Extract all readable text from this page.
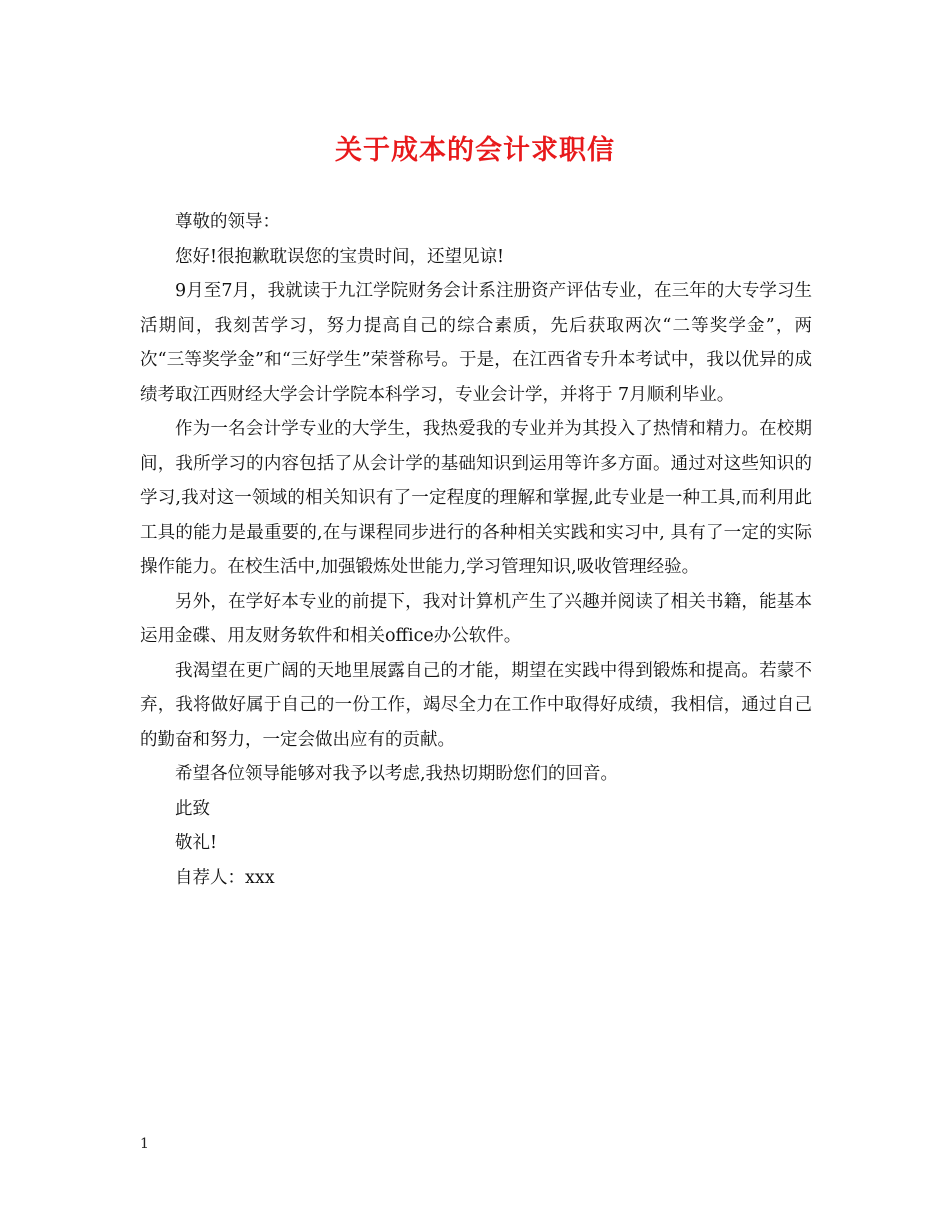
关于成本的会计求职信

尊敬的领导：

您好!很抱歉耽误您的宝贵时间，还望见谅!

9月至7月，我就读于九江学院财务会计系注册资产评估专业，在三年的大专学习生活期间，我刻苦学习，努力提高自己的综合素质，先后获取两次“二等奖学金”，两次“三等奖学金”和“三好学生”荣誉称号。于是，在江西省专升本考试中，我以优异的成绩考取江西财经大学会计学院本科学习，专业会计学，并将于 7月顺利毕业。

作为一名会计学专业的大学生，我热爱我的专业并为其投入了热情和精力。在校期间，我所学习的内容包括了从会计学的基础知识到运用等许多方面。通过对这些知识的学习,我对这一领域的相关知识有了一定程度的理解和掌握,此专业是一种工具,而利用此工具的能力是最重要的,在与课程同步进行的各种相关实践和实习中, 具有了一定的实际操作能力。在校生活中,加强锻炼处世能力,学习管理知识,吸收管理经验。

另外，在学好本专业的前提下，我对计算机产生了兴趣并阅读了相关书籍，能基本运用金碟、用友财务软件和相关office办公软件。

我渴望在更广阔的天地里展露自己的才能，期望在实践中得到锻炼和提高。若蒙不弃，我将做好属于自己的一份工作，竭尽全力在工作中取得好成绩，我相信，通过自己的勤奋和努力，一定会做出应有的贡献。

希望各位领导能够对我予以考虑,我热切期盼您们的回音。

此致

敬礼!

自荐人：xxx

1
